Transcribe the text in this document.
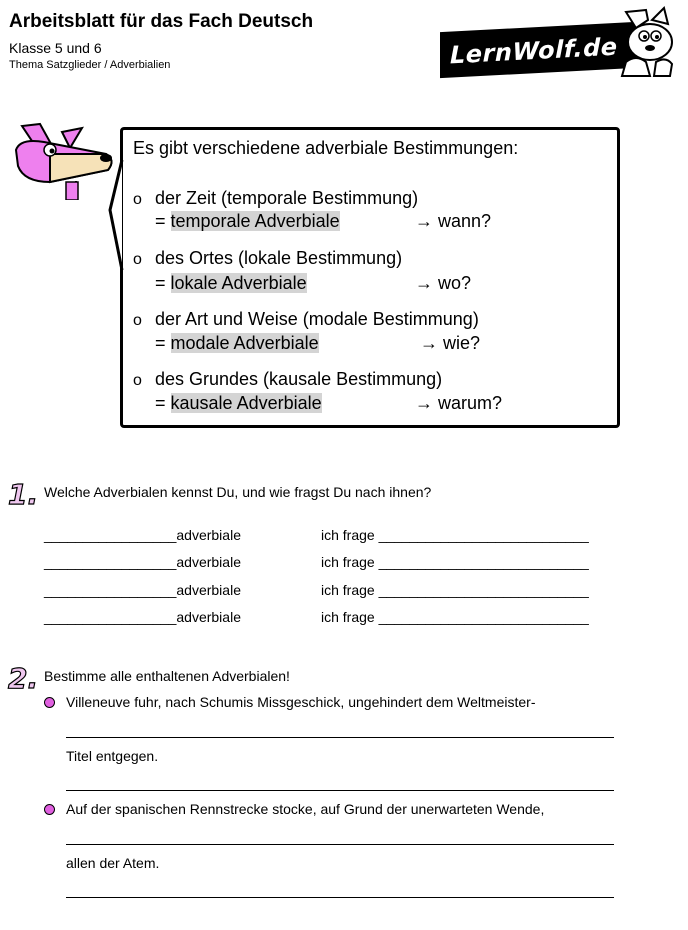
Arbeitsblatt für das Fach Deutsch
Klasse 5 und 6
Thema Satzglieder / Adverbialien	LernWolf.de
Es gibt verschiedene adverbiale Bestimmungen:
o der Zeit (temporale Bestimmung)
= temporale Adverbiale	→ wann?
o des Ortes (lokale Bestimmung)
= lokale Adverbiale	→ wo?
o der Art und Weise (modale Bestimmung)
= modale Adverbiale	→ wie?
o des Grundes (kausale Bestimmung)
= kausale Adverbiale	→ warum?
1. Welche Adverbialen kennst Du, und wie fragst Du nach ihnen?
_________________adverbiale	ich frage ___________________________
_________________adverbiale	ich frage ___________________________
_________________adverbiale	ich frage ___________________________
_________________adverbiale	ich frage ___________________________
2. Bestimme alle enthaltenen Adverbialen!
Villeneuve fuhr, nach Schumis Missgeschick, ungehindert dem Weltmeister-
Titel entgegen.
Auf der spanischen Rennstrecke stocke, auf Grund der unerwarteten Wende,
allen der Atem.
